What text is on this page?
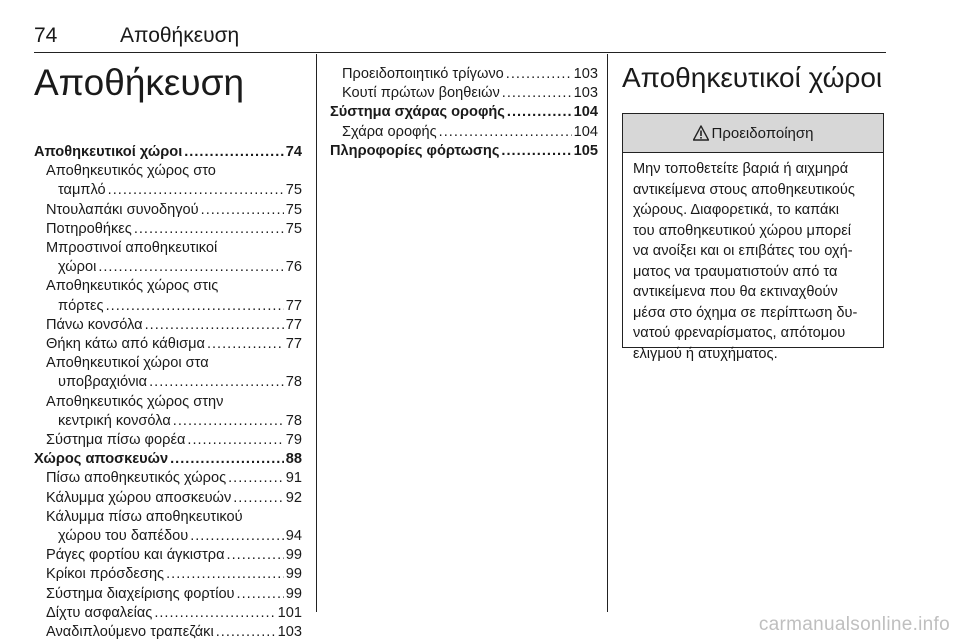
74	Αποθήκευση
Αποθήκευση
Αποθηκευτικοί χώροι .....	74
Αποθηκευτικός χώρος στο
ταμπλό .....	75
Ντουλαπάκι συνοδηγού .....	75
Ποτηροθήκες .....	75
Μπροστινοί αποθηκευτικοί
χώροι .....	76
Αποθηκευτικός χώρος στις
πόρτες .....	77
Πάνω κονσόλα .....	77
Θήκη κάτω από κάθισμα .....	77
Αποθηκευτικοί χώροι στα
υποβραχιόνια .....	78
Αποθηκευτικός χώρος στην
κεντρική κονσόλα .....	78
Σύστημα πίσω φορέα .....	79
Χώρος αποσκευών .....	88
Πίσω αποθηκευτικός χώρος .....	91
Κάλυμμα χώρου αποσκευών .....	92
Κάλυμμα πίσω αποθηκευτικού
χώρου του δαπέδου .....	94
Ράγες φορτίου και άγκιστρα .....	99
Κρίκοι πρόσδεσης .....	99
Σύστημα διαχείρισης φορτίου .....	99
Δίχτυ ασφαλείας .....	101
Αναδιπλούμενο τραπεζάκι .....	103
Προειδοποιητικό τρίγωνο .....	103
Κουτί πρώτων βοηθειών .....	103
Σύστημα σχάρας οροφής .....	104
Σχάρα οροφής .....	104
Πληροφορίες φόρτωσης .....	105
Αποθηκευτικοί χώροι
Προειδοποίηση
Μην τοποθετείτε βαριά ή αιχμηρά
αντικείμενα στους αποθηκευτικούς
χώρους. Διαφορετικά, το καπάκι
του αποθηκευτικού χώρου μπορεί
να ανοίξει και οι επιβάτες του οχή-
ματος να τραυματιστούν από τα
αντικείμενα που θα εκτιναχθούν
μέσα στο όχημα σε περίπτωση δυ-
νατού φρεναρίσματος, απότομου
ελιγμού ή ατυχήματος.
carmanualsonline.info
